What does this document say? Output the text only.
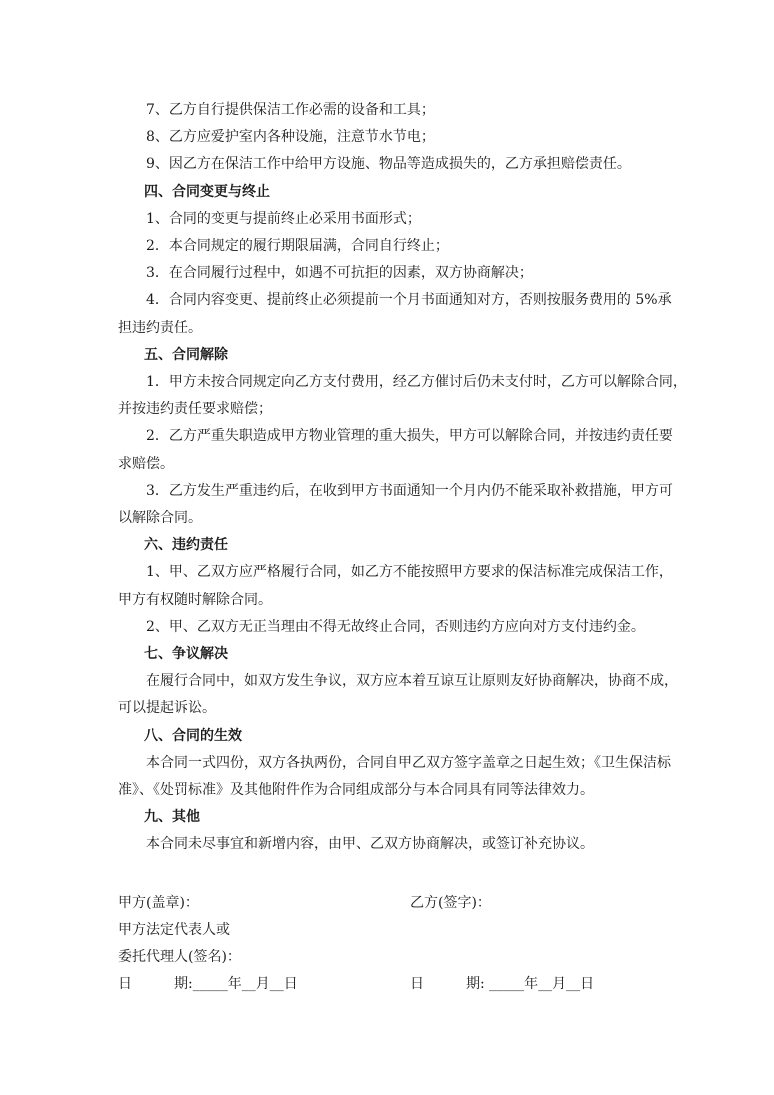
7、乙方自行提供保洁工作必需的设备和工具；
8、乙方应爱护室内各种设施，注意节水节电；
9、因乙方在保洁工作中给甲方设施、物品等造成损失的，乙方承担赔偿责任。
四、合同变更与终止
1、合同的变更与提前终止必采用书面形式；
2．本合同规定的履行期限届满，合同自行终止；
3．在合同履行过程中，如遇不可抗拒的因素，双方协商解决；
4．合同内容变更、提前终止必须提前一个月书面通知对方，否则按服务费用的 5%承
担违约责任。
五、合同解除
1．甲方未按合同规定向乙方支付费用，经乙方催讨后仍未支付时，乙方可以解除合同，
并按违约责任要求赔偿；
2．乙方严重失职造成甲方物业管理的重大损失，甲方可以解除合同，并按违约责任要
求赔偿。
3．乙方发生严重违约后，在收到甲方书面通知一个月内仍不能采取补救措施，甲方可
以解除合同。
六、违约责任
1、甲、乙双方应严格履行合同，如乙方不能按照甲方要求的保洁标准完成保洁工作，
甲方有权随时解除合同。
2、甲、乙双方无正当理由不得无故终止合同，否则违约方应向对方支付违约金。
七、争议解决
在履行合同中，如双方发生争议，双方应本着互谅互让原则友好协商解决，协商不成，
可以提起诉讼。
八、合同的生效
本合同一式四份，双方各执两份，合同自甲乙双方签字盖章之日起生效；《卫生保洁标
准》、《处罚标准》及其他附件作为合同组成部分与本合同具有同等法律效力。
九、其他
本合同未尽事宜和新增内容，由甲、乙双方协商解决，或签订补充协议。
甲方(盖章)：	乙方(签字)：
甲方法定代表人或
委托代理人(签名)：
日　　　期:_____年__月__日	日　　　期: _____年__月__日
